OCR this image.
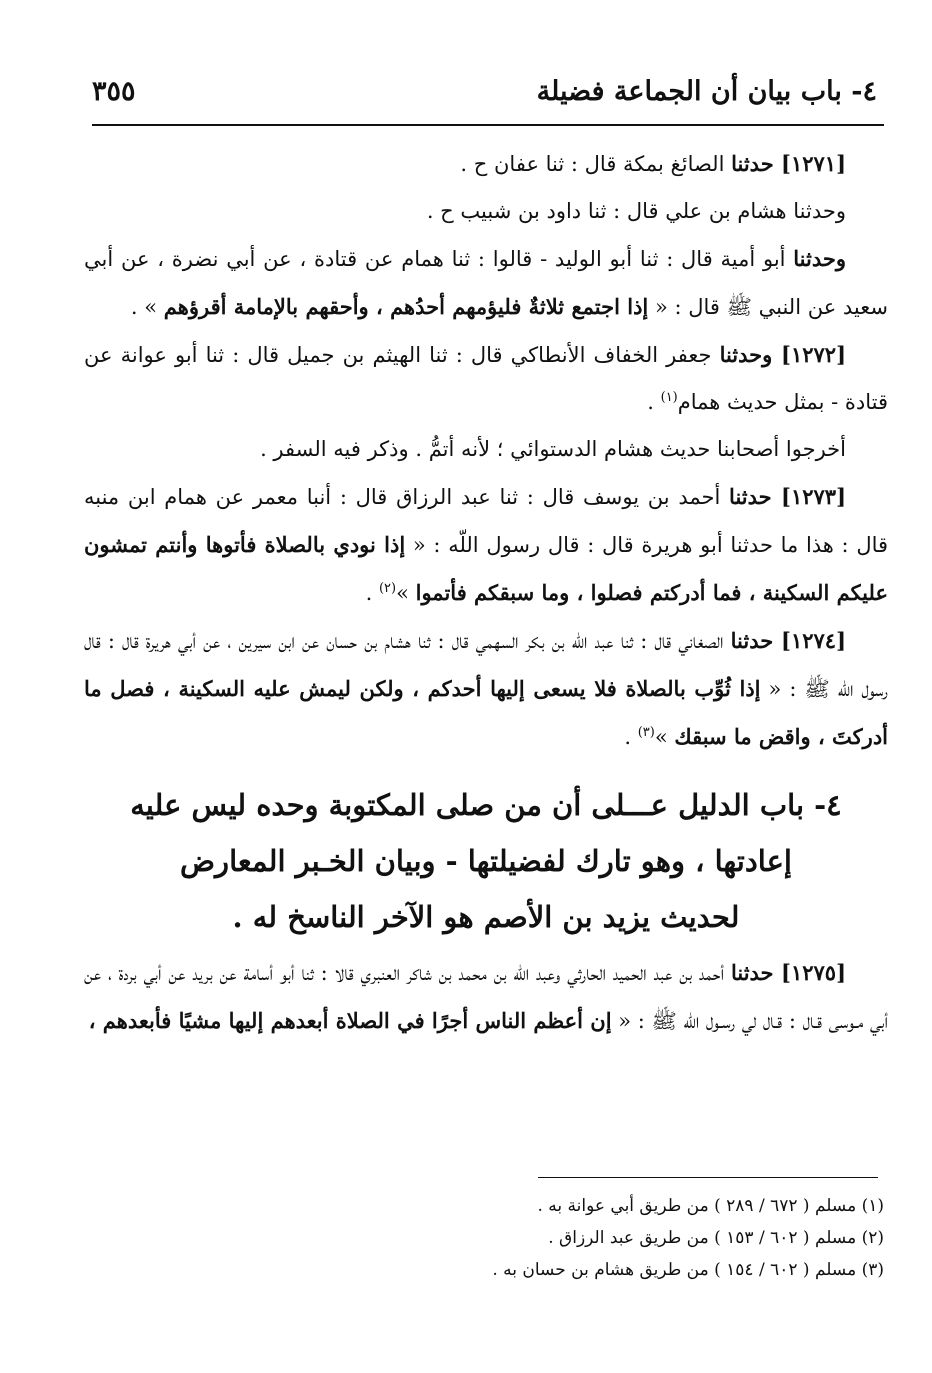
٤- باب بيان أن الجماعة فضيلة
٣٥٥

[١٢٧١] حدثنا الصائغ بمكة قال : ثنا عفان ح .

وحدثنا هشام بن علي قال : ثنا داود بن شبيب ح .

وحدثنا أبو أمية قال : ثنا أبو الوليد - قالوا : ثنا همام عن قتادة ، عن أبي نضرة ، عن أبي سعيد عن النبي ﷺ قال : « إذا اجتمع ثلاثةٌ فليؤمهم أحدُهم ، وأحقهم بالإمامة أقرؤهم » .

[١٢٧٢] وحدثنا جعفر الخفاف الأنطاكي قال : ثنا الهيثم بن جميل قال : ثنا أبو عوانة عن قتادة - بمثل حديث همام$^{(١)}$ .

أخرجوا أصحابنا حديث هشام الدستوائي ؛ لأنه أتمُّ . وذكر فيه السفر .

[١٢٧٣] حدثنا أحمد بن يوسف قال : ثنا عبد الرزاق قال : أنبا معمر عن همام ابن منبه قال : هذا ما حدثنا أبو هريرة قال : قال رسول اللّه : « إذا نودي بالصلاة فأتوها وأنتم تمشون عليكم السكينة ، فما أدركتم فصلوا ، وما سبقكم فأتموا »$^{(٢)}$ .

[١٢٧٤] حدثنا الصغاني قال : ثنا عبد اللّه بن بكر السهمي قال : ثنا هشام بن حسان عن ابن سيرين ، عن أبي هريرة قال : قال رسول اللّه ﷺ : « إذا ثُوِّب بالصلاة فلا يسعى إليها أحدكم ، ولكن ليمش عليه السكينة ، فصل ما أدركتَ ، واقض ما سبقك »$^{(٣)}$ .

٤- باب الدليل عـــلى أن من صلى المكتوبة وحده ليس عليه
إعادتها ، وهو تارك لفضيلتها - وبيان الخـبر المعارض
لحديث يزيد بن الأصم هو الآخر الناسخ له .

[١٢٧٥] حدثنا أحمد بن عبد الحميد الحارثي وعبد اللّه بن محمد بن شاكر العنبري قالا : ثنا أبو أسامة عن بريد عن أبي بردة ، عن أبي مـوسى قـال : قـال لي رسـول اللّه ﷺ : « إن أعظم الناس أجرًا في الصلاة أبعدهم إليها مشيًا فأبعدهم ،

(١) مسلم ( ٦٧٢ / ٢٨٩ ) من طريق أبي عوانة به .

(٢) مسلم ( ٦٠٢ / ١٥٣ ) من طريق عبد الرزاق .

(٣) مسلم ( ٦٠٢ / ١٥٤ ) من طريق هشام بن حسان به .
